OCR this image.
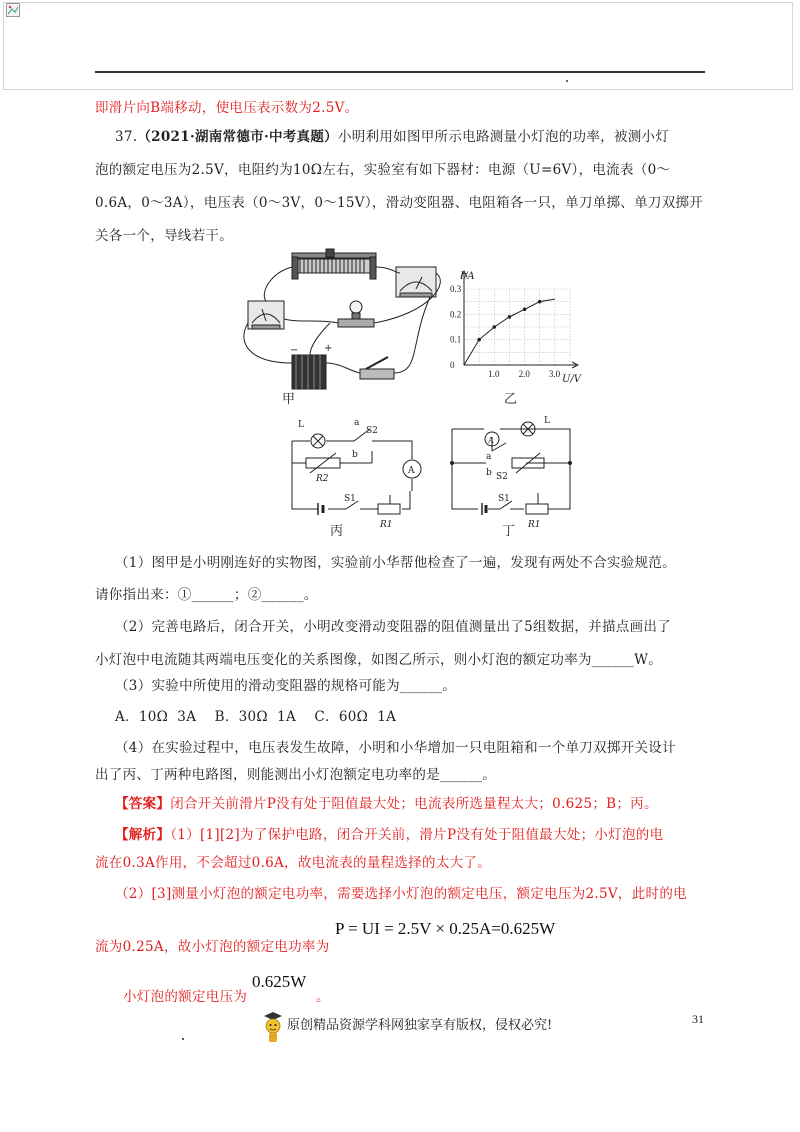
即滑片向B端移动，使电压表示数为2.5V。
37.（2021·湖南常德市·中考真题）小明利用如图甲所示电路测量小灯泡的功率，被测小灯
泡的额定电压为2.5V，电阻约为10Ω左右，实验室有如下器材：电源（U=6V），电流表（0～
0.6A，0～3A），电压表（0～3V，0～15V），滑动变阻器、电阻箱各一只，单刀单掷、单刀双掷开
关各一个，导线若干。
−	+
甲
0.3
0.2
0.1
0
1.0 2.0 3.0
I/A
U/V
乙
A
L	a
S2
b
R2
S1
R1
丙
A
L
a
b S2
S1
R1
丁
（1）图甲是小明刚连好的实物图，实验前小华帮他检查了一遍，发现有两处不合实验规范。
请你指出来：①______；②______。
（2）完善电路后，闭合开关，小明改变滑动变阻器的阻值测量出了5组数据，并描点画出了
小灯泡中电流随其两端电压变化的关系图像，如图乙所示，则小灯泡的额定功率为______W。
（3）实验中所使用的滑动变阻器的规格可能为______。
A．10Ω  3A    B．30Ω  1A    C．60Ω  1A
（4）在实验过程中，电压表发生故障，小明和小华增加一只电阻箱和一个单刀双掷开关设计
出了丙、丁两种电路图，则能测出小灯泡额定电功率的是______。
【答案】闭合开关前滑片P没有处于阻值最大处；电流表所选量程太大；0.625；B；丙。
【解析】（1）[1][2]为了保护电路，闭合开关前，滑片P没有处于阻值最大处；小灯泡的电
流在0.3A作用，不会超过0.6A，故电流表的量程选择的太大了。
（2）[3]测量小灯泡的额定电功率，需要选择小灯泡的额定电压，额定电压为2.5V，此时的电
流为0.25A，故小灯泡的额定电功率为
P = UI = 2.5V × 0.25A=0.625W
小灯泡的额定电压为
0.625W
。
31
原创精品资源学科网独家享有版权，侵权必究!
